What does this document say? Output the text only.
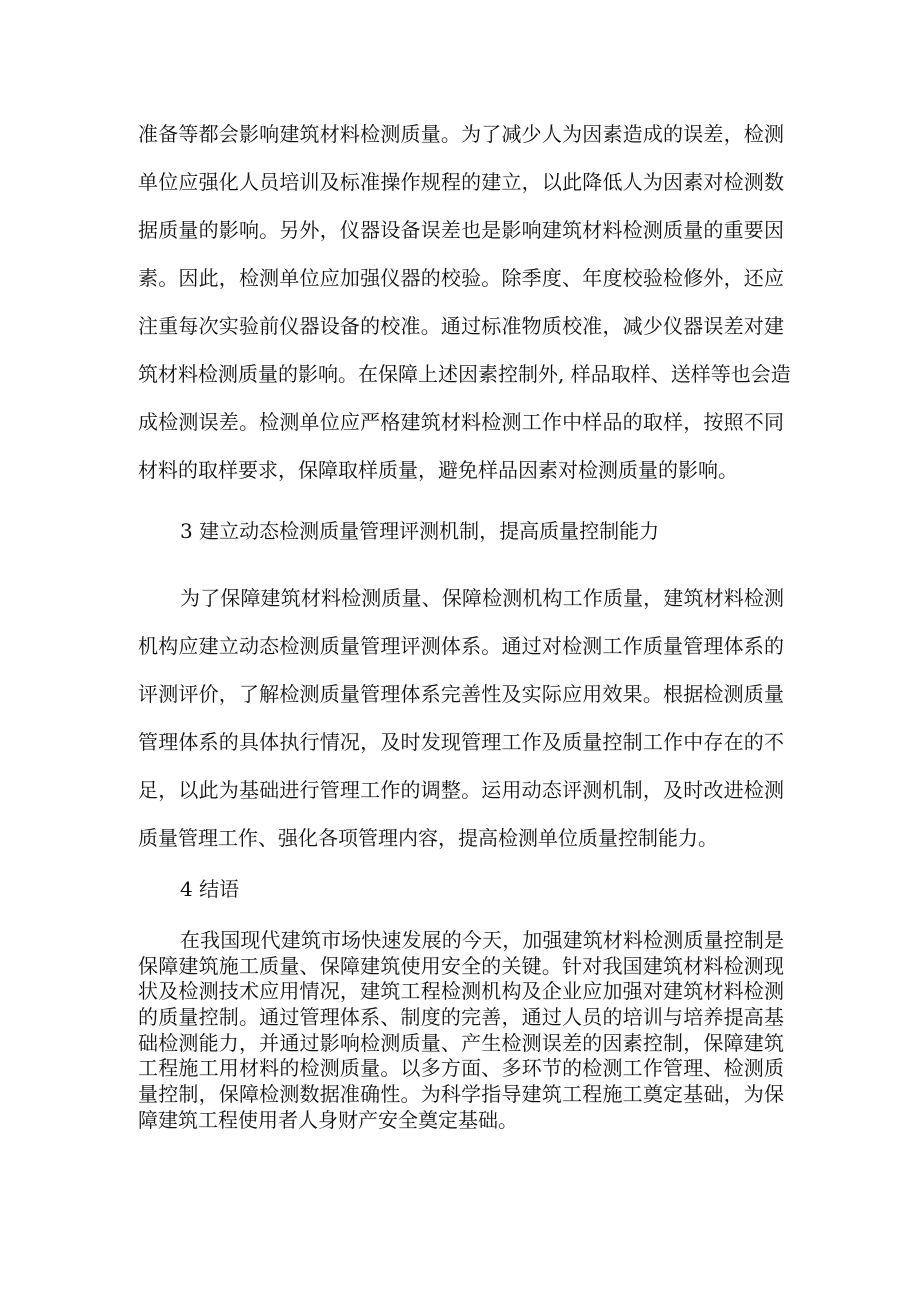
准备等都会影响建筑材料检测质量。为了减少人为因素造成的误差，检测
单位应强化人员培训及标准操作规程的建立，以此降低人为因素对检测数
据质量的影响。另外，仪器设备误差也是影响建筑材料检测质量的重要因
素。因此，检测单位应加强仪器的校验。除季度、年度校验检修外，还应
注重每次实验前仪器设备的校准。通过标准物质校准，减少仪器误差对建
筑材料检测质量的影响。在保障上述因素控制外, 样品取样、送样等也会造
成检测误差。检测单位应严格建筑材料检测工作中样品的取样，按照不同
材料的取样要求，保障取样质量，避免样品因素对检测质量的影响。
3 建立动态检测质量管理评测机制，提高质量控制能力
为了保障建筑材料检测质量、保障检测机构工作质量，建筑材料检测
机构应建立动态检测质量管理评测体系。通过对检测工作质量管理体系的
评测评价，了解检测质量管理体系完善性及实际应用效果。根据检测质量
管理体系的具体执行情况，及时发现管理工作及质量控制工作中存在的不
足，以此为基础进行管理工作的调整。运用动态评测机制，及时改进检测
质量管理工作、强化各项管理内容，提高检测单位质量控制能力。
4 结语
在我国现代建筑市场快速发展的今天，加强建筑材料检测质量控制是
保障建筑施工质量、保障建筑使用安全的关键。针对我国建筑材料检测现
状及检测技术应用情况，建筑工程检测机构及企业应加强对建筑材料检测
的质量控制。通过管理体系、制度的完善，通过人员的培训与培养提高基
础检测能力，并通过影响检测质量、产生检测误差的因素控制，保障建筑
工程施工用材料的检测质量。以多方面、多环节的检测工作管理、检测质
量控制，保障检测数据准确性。为科学指导建筑工程施工奠定基础，为保
障建筑工程使用者人身财产安全奠定基础。
